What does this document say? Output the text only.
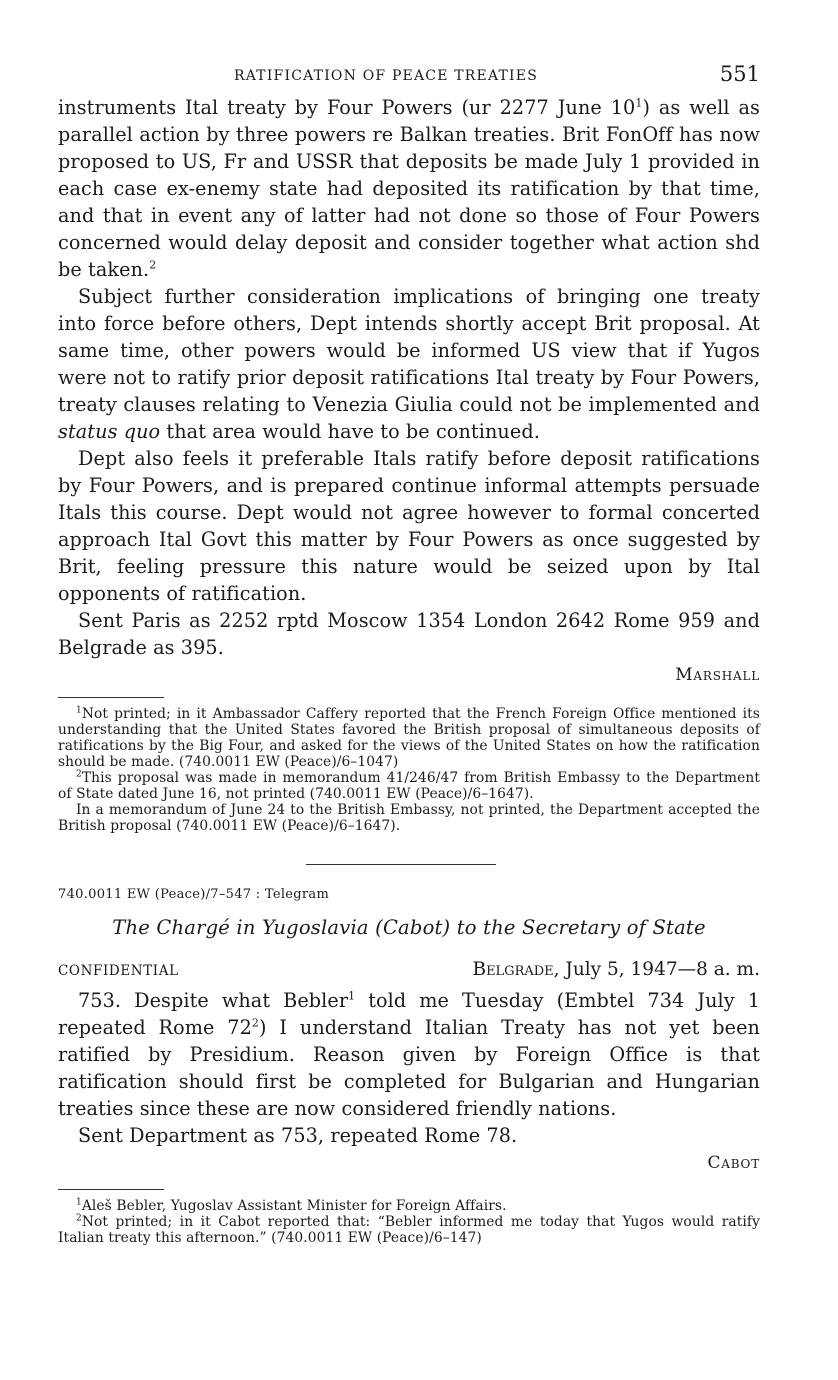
RATIFICATION OF PEACE TREATIES	551

instruments Ital treaty by Four Powers (ur 2277 June $10^1$) as well as parallel action by three powers re Balkan treaties. Brit FonOff has now proposed to US, Fr and USSR that deposits be made July 1 provided in each case ex-enemy state had deposited its ratification by that time, and that in event any of latter had not done so those of Four Powers concerned would delay deposit and consider together what action shd be taken.$^2$

Subject further consideration implications of bringing one treaty into force before others, Dept intends shortly accept Brit proposal. At same time, other powers would be informed US view that if Yugos were not to ratify prior deposit ratifications Ital treaty by Four Powers, treaty clauses relating to Venezia Giulia could not be implemented and status quo that area would have to be continued.

Dept also feels it preferable Itals ratify before deposit ratifications by Four Powers, and is prepared continue informal attempts persuade Itals this course. Dept would not agree however to formal concerted approach Ital Govt this matter by Four Powers as once suggested by Brit, feeling pressure this nature would be seized upon by Ital opponents of ratification.

Sent Paris as 2252 rptd Moscow 1354 London 2642 Rome 959 and Belgrade as 395.

Marshall

$^1$Not printed; in it Ambassador Caffery reported that the French Foreign Office mentioned its understanding that the United States favored the British proposal of simultaneous deposits of ratifications by the Big Four, and asked for the views of the United States on how the ratification should be made. (740.0011 EW (Peace)/6–1047)

$^2$This proposal was made in memorandum 41/246/47 from British Embassy to the Department of State dated June 16, not printed (740.0011 EW (Peace)/6–1647).

In a memorandum of June 24 to the British Embassy, not printed, the Department accepted the British proposal (740.0011 EW (Peace)/6–1647).

740.0011 EW (Peace)/7–547 : Telegram

The Chargé in Yugoslavia (Cabot) to the Secretary of State
CONFIDENTIAL	Belgrade, July 5, 1947—8 a. m.

753. Despite what Bebler$^1$ told me Tuesday (Embtel 734 July 1 repeated Rome $72^2$) I understand Italian Treaty has not yet been ratified by Presidium. Reason given by Foreign Office is that ratification should first be completed for Bulgarian and Hungarian treaties since these are now considered friendly nations.

Sent Department as 753, repeated Rome 78.

Cabot

$^1$Aleš Bebler, Yugoslav Assistant Minister for Foreign Affairs.

$^2$Not printed; in it Cabot reported that: “Bebler informed me today that Yugos would ratify Italian treaty this afternoon.” (740.0011 EW (Peace)/6–147)
